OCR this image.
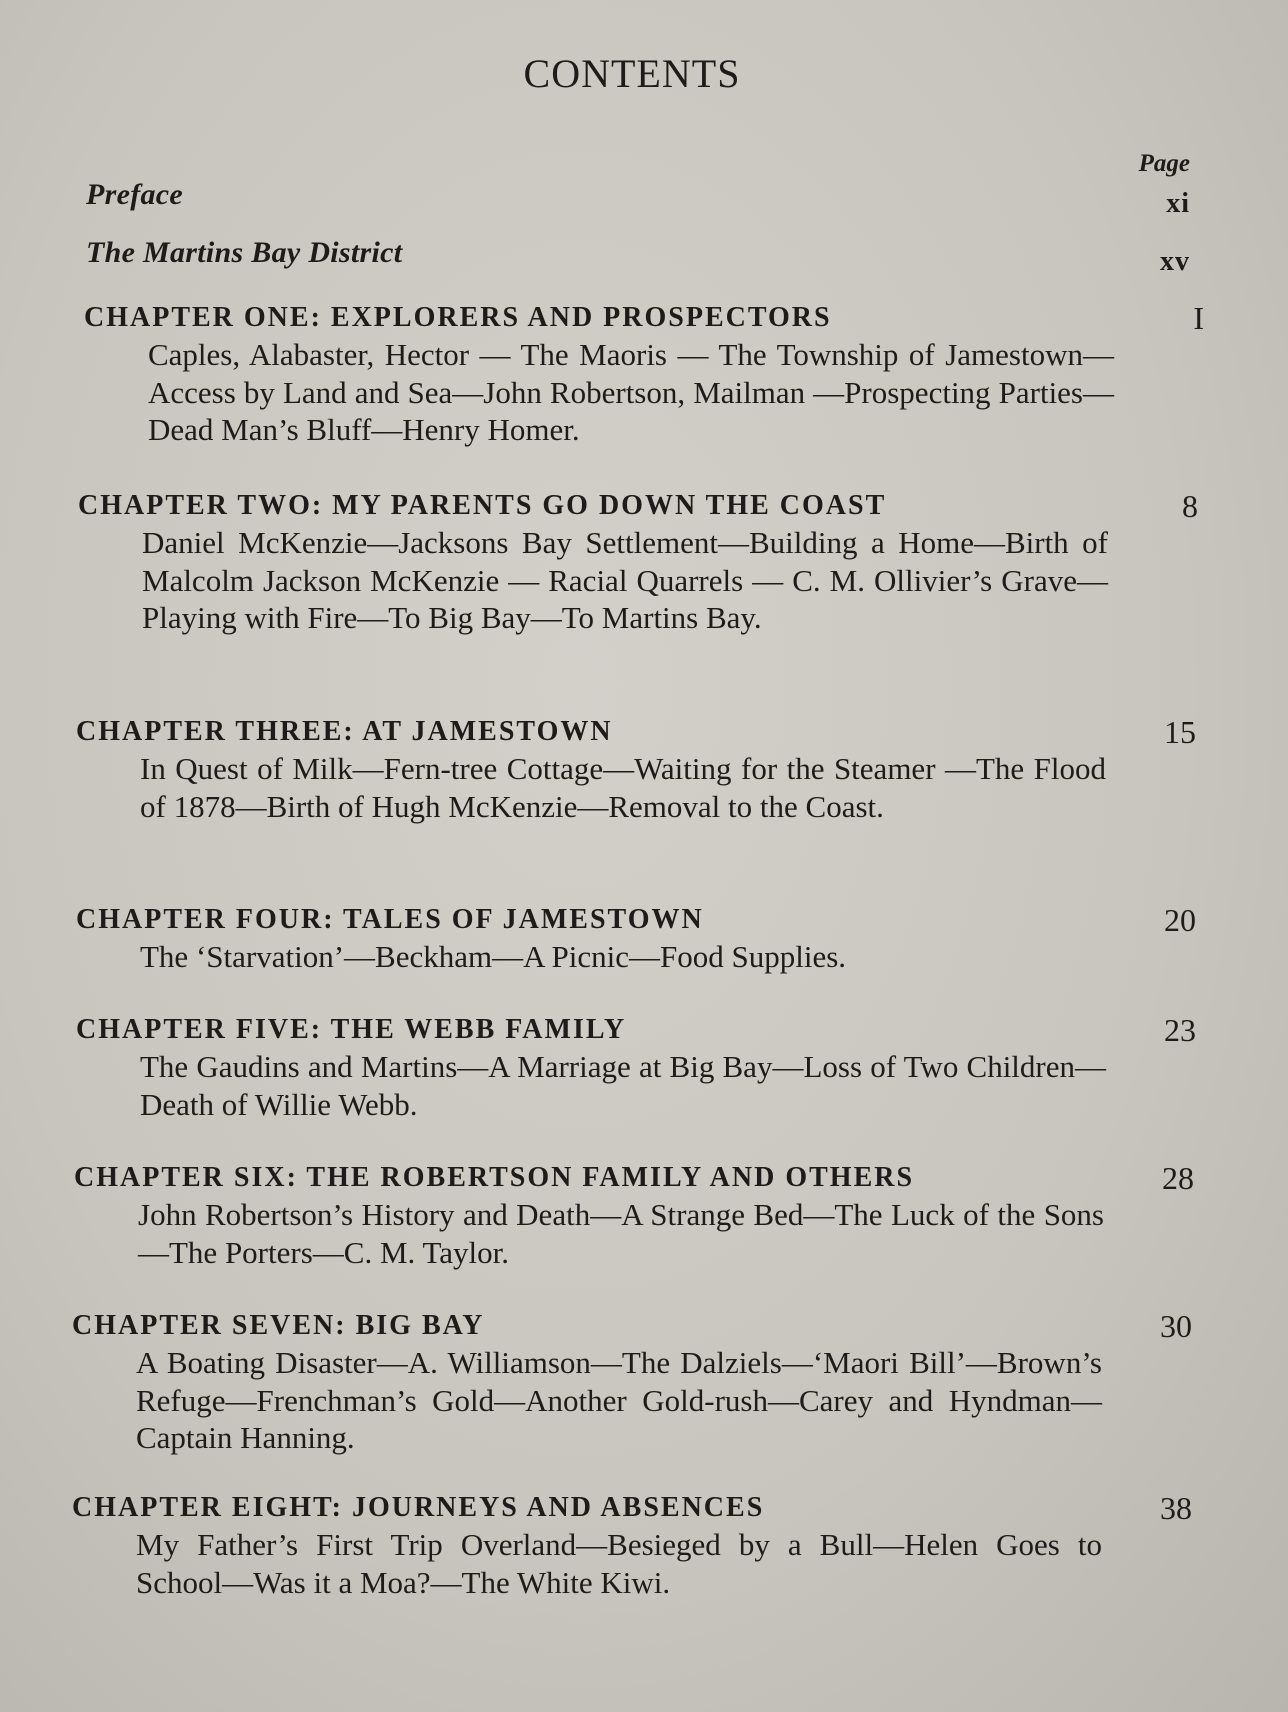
CONTENTS
Page
Preface	xi
The Martins Bay District	xv
CHAPTER ONE: EXPLORERS AND PROSPECTORS	I
Caples, Alabaster, Hector — The Maoris — The Township of Jamestown—Access by Land and Sea—John Robertson, Mailman —Prospecting Parties—Dead Man’s Bluff—Henry Homer.
CHAPTER TWO: MY PARENTS GO DOWN THE COAST	8
Daniel McKenzie—Jacksons Bay Settlement—Building a Home—Birth of Malcolm Jackson McKenzie — Racial Quarrels — C. M. Ollivier’s Grave—Playing with Fire—To Big Bay—To Martins Bay.
CHAPTER THREE: AT JAMESTOWN	15
In Quest of Milk—Fern-tree Cottage—Waiting for the Steamer —The Flood of 1878—Birth of Hugh McKenzie—Removal to the Coast.
CHAPTER FOUR: TALES OF JAMESTOWN	20
The ‘Starvation’—Beckham—A Picnic—Food Supplies.
CHAPTER FIVE: THE WEBB FAMILY	23
The Gaudins and Martins—A Marriage at Big Bay—Loss of Two Children—Death of Willie Webb.
CHAPTER SIX: THE ROBERTSON FAMILY AND OTHERS	28
John Robertson’s History and Death—A Strange Bed—The Luck of the Sons—The Porters—C. M. Taylor.
CHAPTER SEVEN: BIG BAY	30
A Boating Disaster—A. Williamson—The Dalziels—‘Maori Bill’—Brown’s Refuge—Frenchman’s Gold—Another Gold-rush—Carey and Hyndman—Captain Hanning.
CHAPTER EIGHT: JOURNEYS AND ABSENCES	38
My Father’s First Trip Overland—Besieged by a Bull—Helen Goes to School—Was it a Moa?—The White Kiwi.
